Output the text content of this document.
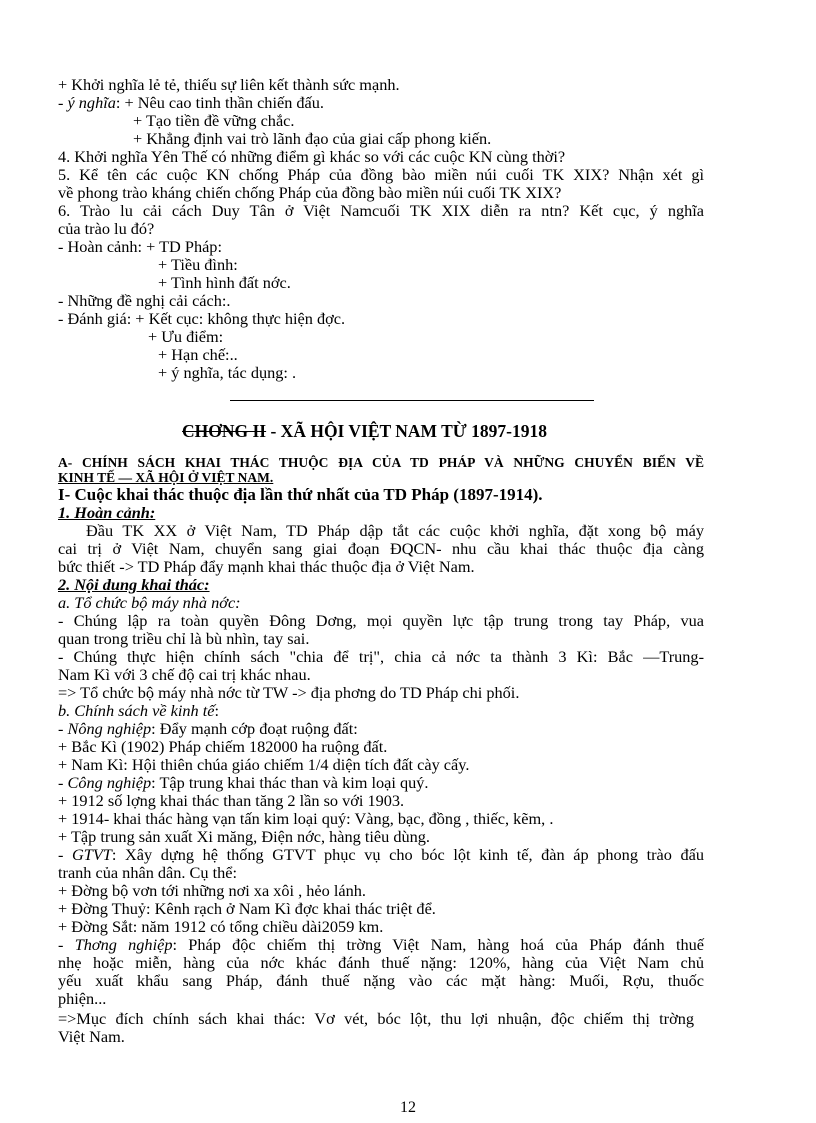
+ Khởi nghĩa lẻ tẻ, thiếu sự liên kết thành sức mạnh.
- ý nghĩa: + Nêu cao tinh thần chiến đấu.
+ Tạo tiền đề vững chắc.
+ Khẳng định vai trò lãnh đạo của giai cấp phong kiến.
4. Khởi nghĩa Yên Thế có những điểm gì khác so với các cuộc KN cùng thời?
5. Kể tên các cuộc KN chống Pháp của đồng bào miền núi cuối TK XIX? Nhận xét gì
về phong trào kháng chiến chống Pháp của đồng bào miền núi cuối TK XIX?
6. Trào lu cải cách Duy Tân ở Việt Namcuối TK XIX diễn ra ntn? Kết cục, ý nghĩa
của trào lu đó?
- Hoàn cảnh: + TD Pháp:
+ Tiều đình:
+ Tình hình đất nớc.
- Những đề nghị cải cách:.
- Đánh giá: + Kết cục: không thực hiện đợc.
+ Ưu điểm:
+ Hạn chế:..
+ ý nghĩa, tác dụng: .
CHƠNG II - XÃ HỘI VIỆT NAM TỪ 1897-1918
A- CHÍNH SÁCH KHAI THÁC THUỘC ĐỊA CỦA TD PHÁP VÀ NHỮNG CHUYỂN BIẾN VỀ
KINH TẾ — XÃ HỘI Ở VIỆT NAM.
I- Cuộc khai thác thuộc địa lần thứ nhất của TD Pháp (1897-1914).
1. Hoàn cảnh:
Đầu TK XX ở Việt Nam, TD Pháp dập tắt các cuộc khởi nghĩa, đặt xong bộ máy
cai trị ở Việt Nam, chuyển sang giai đoạn ĐQCN- nhu cầu khai thác thuộc địa càng
bức thiết -> TD Pháp đẩy mạnh khai thác thuộc địa ở Việt Nam.
2. Nội dung khai thác:
a. Tổ chức bộ máy nhà nớc:
- Chúng lập ra toàn quyền Đông Dơng, mọi quyền lực tập trung trong tay Pháp, vua
quan trong triều chỉ là bù nhìn, tay sai.
- Chúng thực hiện chính sách "chia để trị", chia cả nớc ta thành 3 Kì: Bắc —Trung-
Nam Kì với 3 chế độ cai trị khác nhau.
=> Tổ chức bộ máy nhà nớc từ TW -> địa phơng do TD Pháp chi phối.
b. Chính sách về kinh tế:
- Nông nghiệp: Đẩy mạnh cớp đoạt ruộng đất:
+ Bắc Kì (1902) Pháp chiếm 182000 ha ruộng đất.
+ Nam Kì: Hội thiên chúa giáo chiếm 1/4 diện tích đất cày cấy.
- Công nghiệp: Tập trung khai thác than và kim loại quý.
+ 1912 số lợng khai thác than tăng 2 lần so với 1903.
+ 1914- khai thác hàng vạn tấn kim loại quý: Vàng, bạc, đồng , thiếc, kẽm, .
+ Tập trung sản xuất Xi măng, Điện nớc, hàng tiêu dùng.
- GTVT: Xây dựng hệ thống GTVT phục vụ cho bóc lột kinh tế, đàn áp phong trào đấu
tranh của nhân dân. Cụ thể:
+ Đờng bộ vơn tới những nơi xa xôi , hẻo lánh.
+ Đờng Thuỷ: Kênh rạch ở Nam Kì đợc khai thác triệt để.
+ Đờng Sắt: năm 1912 có tổng chiều dài2059 km.
- Thơng nghiệp: Pháp độc chiếm thị trờng Việt Nam, hàng hoá của Pháp đánh thuế
nhẹ hoặc miễn, hàng của nớc khác đánh thuế nặng: 120%, hàng của Việt Nam chủ
yếu xuất khẩu sang Pháp, đánh thuế nặng vào các mặt hàng: Muối, Rợu, thuốc
phiện...
=>Mục đích chính sách khai thác: Vơ vét, bóc lột, thu lợi nhuận, độc chiếm thị trờng
Việt Nam.
12
